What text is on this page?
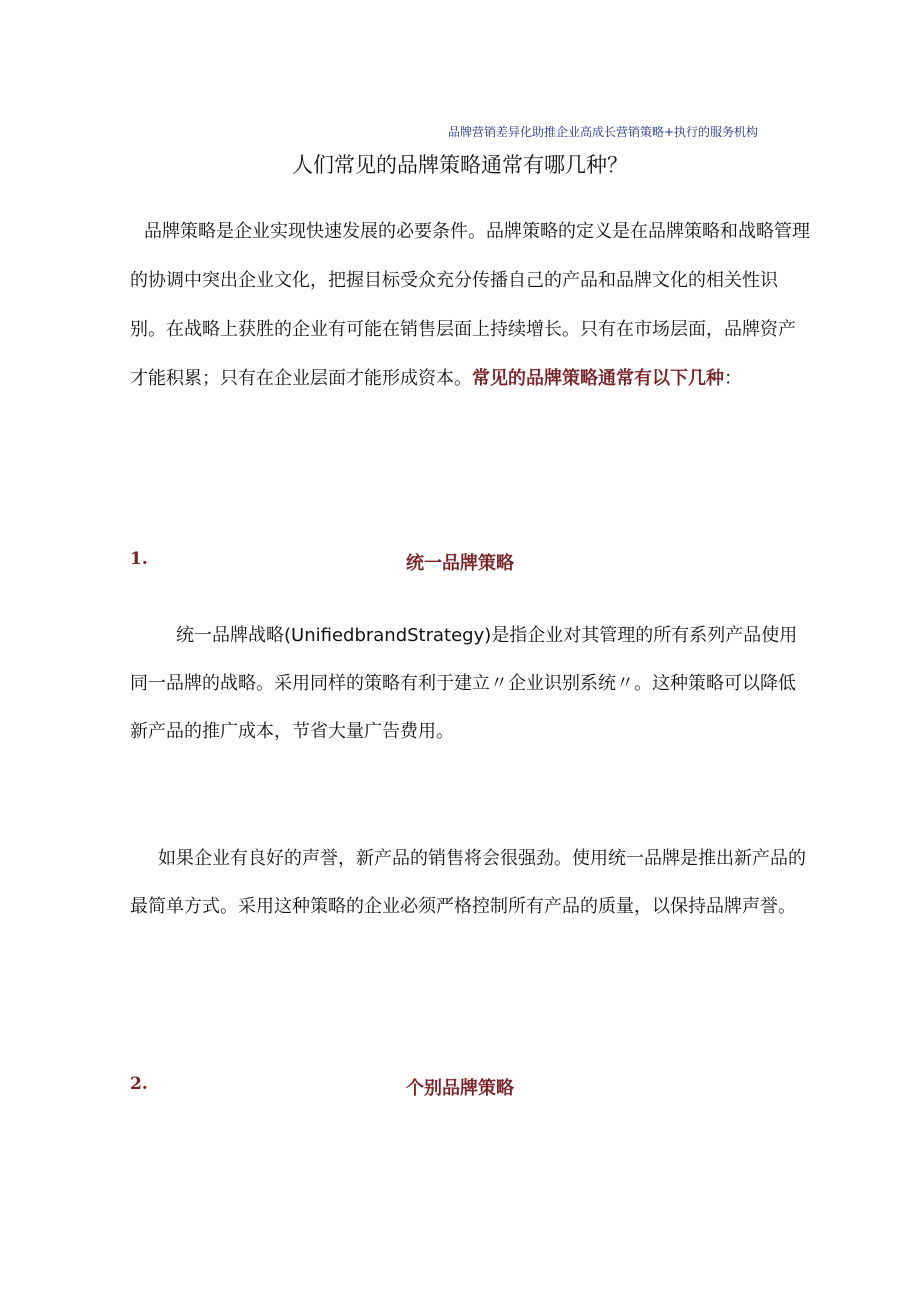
品牌营销差异化助推企业高成长营销策略+执行的服务机构
人们常见的品牌策略通常有哪几种？

品牌策略是企业实现快速发展的必要条件。品牌策略的定义是在品牌策略和战略管理的协调中突出企业文化，把握目标受众充分传播自己的产品和品牌文化的相关性识别。在战略上获胜的企业有可能在销售层面上持续增长。只有在市场层面，品牌资产才能积累；只有在企业层面才能形成资本。常见的品牌策略通常有以下几种：

1.	统一品牌策略

统一品牌战略(UnifiedbrandStrategy)是指企业对其管理的所有系列产品使用同一品牌的战略。采用同样的策略有利于建立〃企业识别系统〃。这种策略可以降低新产品的推广成本，节省大量广告费用。

如果企业有良好的声誉，新产品的销售将会很强劲。使用统一品牌是推出新产品的最简单方式。采用这种策略的企业必须严格控制所有产品的质量，以保持品牌声誉。

2.	个别品牌策略
